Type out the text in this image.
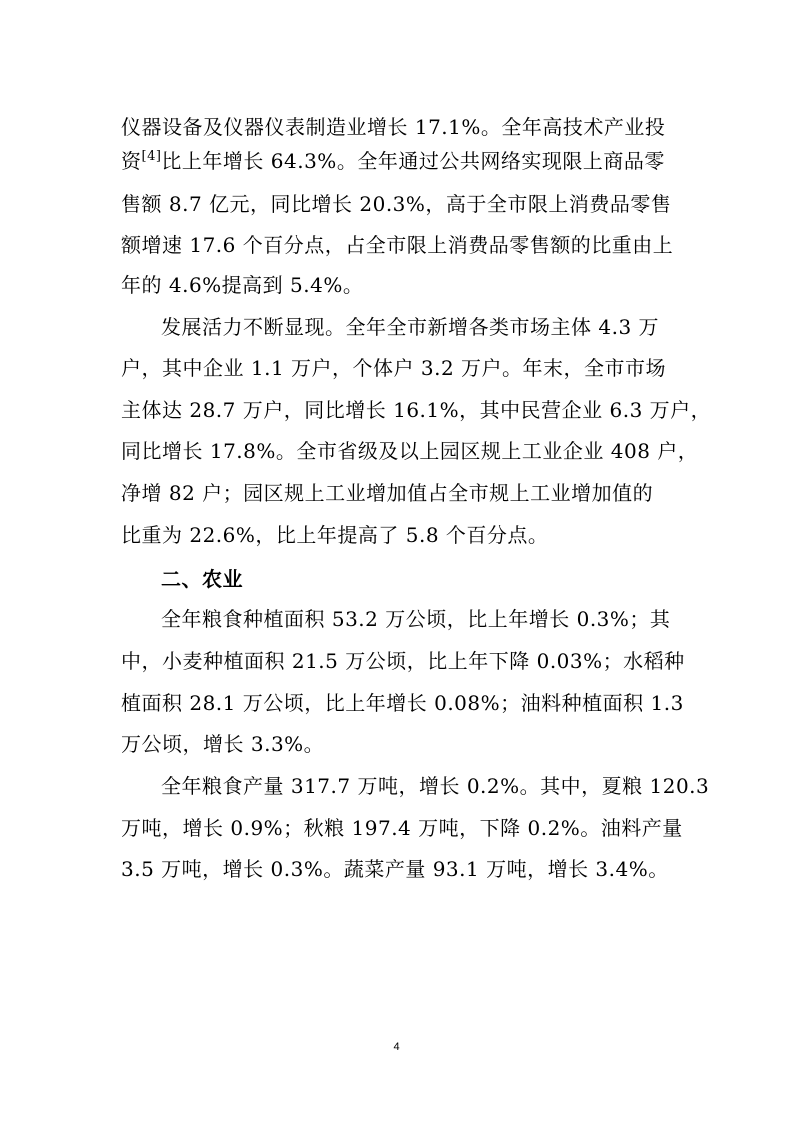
仪器设备及仪器仪表制造业增长 17.1%。全年高技术产业投
资[4]比上年增长 64.3%。全年通过公共网络实现限上商品零
售额 8.7 亿元，同比增长 20.3%，高于全市限上消费品零售
额增速 17.6 个百分点，占全市限上消费品零售额的比重由上
年的 4.6%提高到 5.4%。
发展活力不断显现。全年全市新增各类市场主体 4.3 万
户，其中企业 1.1 万户，个体户 3.2 万户。年末，全市市场
主体达 28.7 万户，同比增长 16.1%，其中民营企业 6.3 万户，
同比增长 17.8%。全市省级及以上园区规上工业企业 408 户，
净增 82 户；园区规上工业增加值占全市规上工业增加值的
比重为 22.6%，比上年提高了 5.8 个百分点。
二、农业
全年粮食种植面积 53.2 万公顷，比上年增长 0.3%；其
中，小麦种植面积 21.5 万公顷，比上年下降 0.03%；水稻种
植面积 28.1 万公顷，比上年增长 0.08%；油料种植面积 1.3
万公顷，增长 3.3%。
全年粮食产量 317.7 万吨，增长 0.2%。其中，夏粮 120.3
万吨，增长 0.9%；秋粮 197.4 万吨，下降 0.2%。油料产量
3.5 万吨，增长 0.3%。蔬菜产量 93.1 万吨，增长 3.4%。
4
